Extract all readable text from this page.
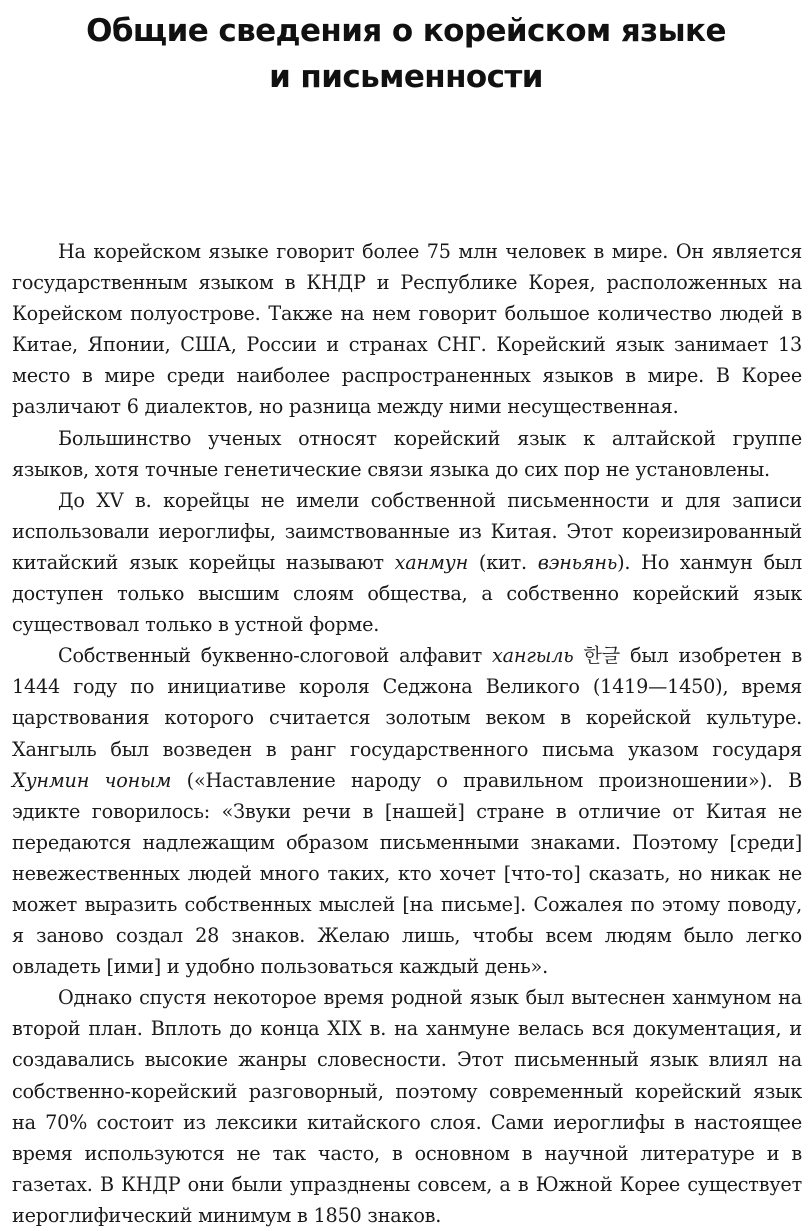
Общие сведения о корейском языке
и письменности

На корейском языке говорит более 75 млн человек в мире. Он является государственным языком в КНДР и Республике Корея, расположенных на Корейском полуострове. Также на нем говорит большое количество людей в Китае, Японии, США, России и странах СНГ. Корейский язык занимает 13 место в мире среди наиболее распространенных языков в мире. В Корее различают 6 диалектов, но разница между ними несущественная.

Большинство ученых относят корейский язык к алтайской группе языков, хотя точные генетические связи языка до сих пор не установлены.

До XV в. корейцы не имели собственной письменности и для записи использовали иероглифы, заимствованные из Китая. Этот кореизированный китайский язык корейцы называют ханмун (кит. вэньянь). Но ханмун был доступен только высшим слоям общества, а собственно корейский язык существовал только в устной форме.

Собственный буквенно-слоговой алфавит хангыль 한글 был изобретен в 1444 году по инициативе короля Седжона Великого (1419—1450), время царствования которого считается золотым веком в корейской культуре. Хангыль был возведен в ранг государственного письма указом государя Хунмин чоным («Наставление народу о правильном произношении»). В эдикте говорилось: «Звуки речи в [нашей] стране в отличие от Китая не передаются надлежащим образом письменными знаками. Поэтому [среди] невежественных людей много таких, кто хочет [что-то] сказать, но никак не может выразить собственных мыслей [на письме]. Сожалея по этому поводу, я заново создал 28 знаков. Желаю лишь, чтобы всем людям было легко овладеть [ими] и удобно пользоваться каждый день».

Однако спустя некоторое время родной язык был вытеснен ханмуном на второй план. Вплоть до конца XIX в. на ханмуне велась вся документация, и создавались высокие жанры словесности. Этот письменный язык влиял на собственно-корейский разговорный, поэтому современный корейский язык на 70% состоит из лексики китайского слоя. Сами иероглифы в настоящее время используются не так часто, в основном в научной литературе и в газетах. В КНДР они были упразднены совсем, а в Южной Корее существует иероглифический минимум в 1850 знаков.
